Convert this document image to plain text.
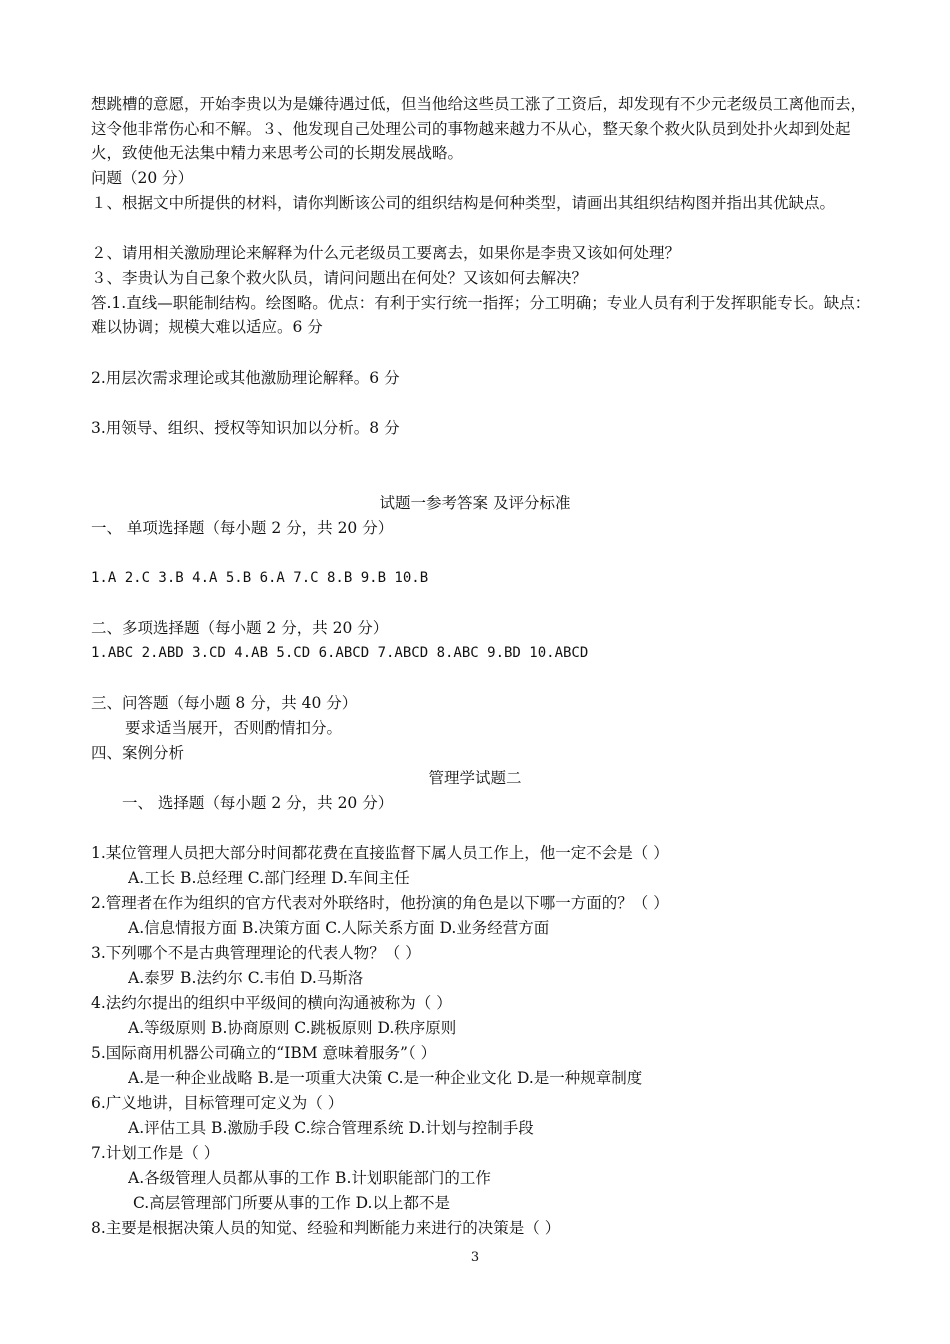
想跳槽的意愿，开始李贵以为是嫌待遇过低，但当他给这些员工涨了工资后，却发现有不少元老级员工离他而去，这令他非常伤心和不解。３、他发现自己处理公司的事物越来越力不从心，整天象个救火队员到处扑火却到处起火，致使他无法集中精力来思考公司的长期发展战略。
问题（20 分）
１、根据文中所提供的材料，请你判断该公司的组织结构是何种类型，请画出其组织结构图并指出其优缺点。
２、请用相关激励理论来解释为什么元老级员工要离去，如果你是李贵又该如何处理？
３、李贵认为自己象个救火队员，请问问题出在何处？又该如何去解决？
答.1.直线—职能制结构。绘图略。优点：有利于实行统一指挥；分工明确；专业人员有利于发挥职能专长。缺点：难以协调；规模大难以适应。6 分
2.用层次需求理论或其他激励理论解释。6 分
3.用领导、组织、授权等知识加以分析。8 分
试题一参考答案 及评分标准
一、 单项选择题（每小题 2 分，共 20 分）
1.A 2.C 3.B 4.A 5.B 6.A 7.C 8.B 9.B 10.B
二、多项选择题（每小题 2 分，共 20 分）
1.ABC 2.ABD 3.CD 4.AB 5.CD 6.ABCD 7.ABCD 8.ABC 9.BD 10.ABCD
三、问答题（每小题 8 分，共 40 分）
要求适当展开，否则酌情扣分。
四、案例分析
管理学试题二
一、 选择题（每小题 2 分，共 20 分）
1.某位管理人员把大部分时间都花费在直接监督下属人员工作上，他一定不会是（ ）
A.工长 B.总经理 C.部门经理 D.车间主任
2.管理者在作为组织的官方代表对外联络时，他扮演的角色是以下哪一方面的？（ ）
A.信息情报方面 B.决策方面 C.人际关系方面 D.业务经营方面
3.下列哪个不是古典管理理论的代表人物？（ ）
A.泰罗 B.法约尔 C.韦伯 D.马斯洛
4.法约尔提出的组织中平级间的横向沟通被称为（ ）
A.等级原则 B.协商原则 C.跳板原则 D.秩序原则
5.国际商用机器公司确立的“IBM 意味着服务”（ ）
A.是一种企业战略 B.是一项重大决策 C.是一种企业文化 D.是一种规章制度
6.广义地讲，目标管理可定义为（ ）
A.评估工具 B.激励手段 C.综合管理系统 D.计划与控制手段
7.计划工作是（ ）
A.各级管理人员都从事的工作 B.计划职能部门的工作
C.高层管理部门所要从事的工作 D.以上都不是
8.主要是根据决策人员的知觉、经验和判断能力来进行的决策是（ ）
3
